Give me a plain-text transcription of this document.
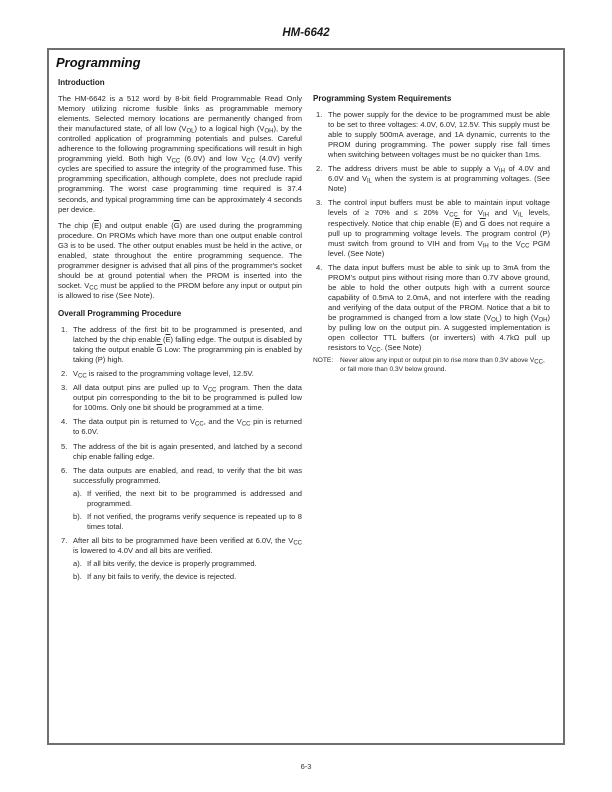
HM-6642
Programming
Introduction

The HM-6642 is a 512 word by 8-bit field Programmable Read Only Memory utilizing nicrome fusible links as programmable memory elements. Selected memory locations are permanently changed from their manufactured state, of all low $(V_{OL})$ to a logical high $(V_{OH})$, by the controlled application of programming potentials and pulses. Careful adherence to the following programming specifications will result in high programming yield. Both high $V_{CC}$ (6.0V) and low $V_{CC}$ (4.0V) verify cycles are specified to assure the integrity of the programmed fuse. This programming specification, although complete, does not preclude rapid programming. The worst case programming time required is 37.4 seconds, and typical programming time can be approximately 4 seconds per device.

The chip $(\overline{E})$ and output enable $(\overline{G})$ are used during the programming procedure. On PROMs which have more than one output enable control G3 is to be used. The other output enables must be held in the active, or enabled, state throughout the entire programming sequence. The programmer designer is advised that all pins of the programmer's socket should be at ground potential when the PROM is inserted into the socket. $V_{CC}$ must be applied to the PROM before any input or output pin is allowed to rise (See Note).

Overall Programming Procedure
1. The address of the first bit to be programmed is presented, and latched by the chip enable $(\overline{E})$ falling edge. The output is disabled by taking the output enable $\overline{G}$ Low: The programming pin is enabled by taking (P) high.
2. $V_{CC}$ is raised to the programming voltage level, 12.5V.
3. All data output pins are pulled up to $V_{CC}$ program. Then the data output pin corresponding to the bit to be programmed is pulled low for 100ms. Only one bit should be programmed at a time.
4. The data output pin is returned to $V_{CC}$, and the $V_{CC}$ pin is returned to 6.0V.
5. The address of the bit is again presented, and latched by a second chip enable falling edge.
6. The data outputs are enabled, and read, to verify that the bit was successfully programmed.
a). If verified, the next bit to be programmed is addressed and programmed.
b). If not verified, the programs verify sequence is repeated up to 8 times total.
7. After all bits to be programmed have been verified at 6.0V, the $V_{CC}$ is lowered to 4.0V and all bits are verified.
a). If all bits verify, the device is properly programmed.
b). If any bit fails to verify, the device is rejected.
Programming System Requirements
1. The power supply for the device to be programmed must be able to be set to three voltages: 4.0V, 6.0V, 12.5V. This supply must be able to supply 500mA average, and 1A dynamic, currents to the PROM during programming. The power supply rise fall times when switching between voltages must be no quicker than 1ms.
2. The address drivers must be able to supply a $V_{IH}$ of 4.0V and 6.0V and $V_{IL}$ when the system is at programming voltages. (See Note)
3. The control input buffers must be able to maintain input voltage levels of ≥ 70% and ≤ 20% $V_{CC}$ for $V_{IH}$ and $V_{IL}$ levels, respectively. Notice that chip enable $(\overline{E})$ and $\overline{G}$ does not require a pull up to programming voltage levels. The program control (P) must switch from ground to VIH and from $V_{IH}$ to the $V_{CC}$ PGM level. (See Note)
4. The data input buffers must be able to sink up to 3mA from the PROM's output pins without rising more than 0.7V above ground, be able to hold the other outputs high with a current source capability of 0.5mA to 2.0mA, and not interfere with the reading and verifying of the data output of the PROM. Notice that a bit to be programmed is changed from a low state $(V_{OL})$ to high $(V_{OH})$ by pulling low on the output pin. A suggested implementation is open collector TTL buffers (or inverters) with 4.7kΩ pull up resistors to $V_{CC}$. (See Note)
NOTE: Never allow any input or output pin to rise more than 0.3V above $V_{CC}$, or fall more than 0.3V below ground.
6-3
